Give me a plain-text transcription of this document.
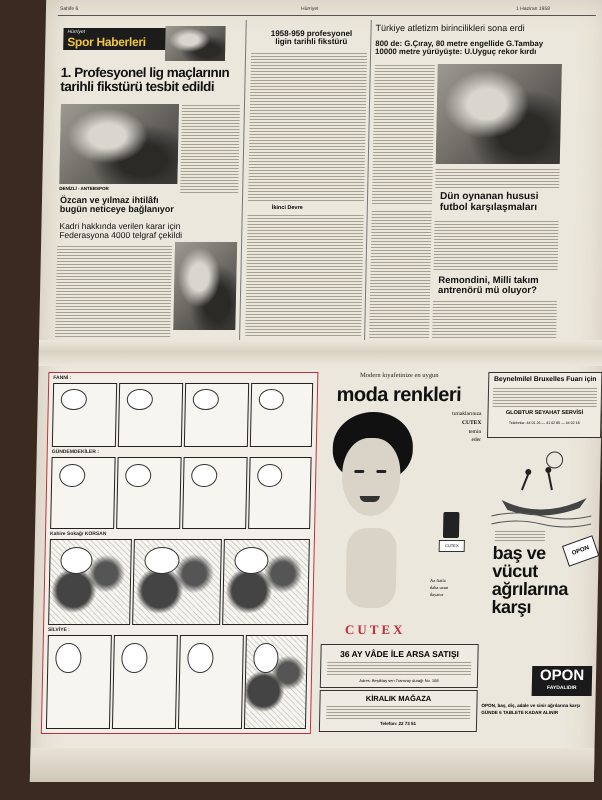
Sahife 6	Hürriyet	1 Haziran 1958
Hürriyet
Spor Haberleri
1. Profesyonel lig maçlarının
tarihli fikstürü tesbit edildi
DENİZLİ - ANTEBSPOR
Özcan ve yılmaz ihtilâfı
bugün neticeye bağlanıyor
Kadri hakkında verilen karar için
Federasyona 4000 telgraf çekildi
1958-959 profesyonel
ligin tarihli fikstürü
İkinci Devre
Türkiye atletizm birincilikleri sona erdi
800 de: G.Çıray, 80 metre engellide G.Tambay
10000 metre yürüyüşte: U.Uyguç rekor kırdı
Dün oynanan hususi
futbol karşılaşmaları
Remondini, Milli takım
antrenörü mü oluyor?
FANNİ :
GÜNDEMDEKİLER :
Kahire Sokağı KORSAN
SİLVİYE :
Modern kıyafetinize en uygun
moda renkleri
tırnaklarınıza
CUTEX
temin
eder
CUTEX
Az fiatla
daha uzun
dayanır
CUTEX
36 AY VÂDE İLE ARSA SATIŞI
Adres: Beşiktaş sen Tramvay durağı No. 168
KİRALIK MAĞAZA
Telefon: 22 73 51
Beynelmilel Bruxelles Fuarı için
GLOBTUR SEYAHAT SERVİSİ
Telefonlar: 44 01 26 — 41 02 85 — 44 02 18
baş ve
vücut
ağrılarına
karşı
OPON
OPON
FAYDALIDIR
OPON, baş, diş, adale ve sinir ağrılarına karşı
GÜNDE 6 TABLETE KADAR ALINIR
